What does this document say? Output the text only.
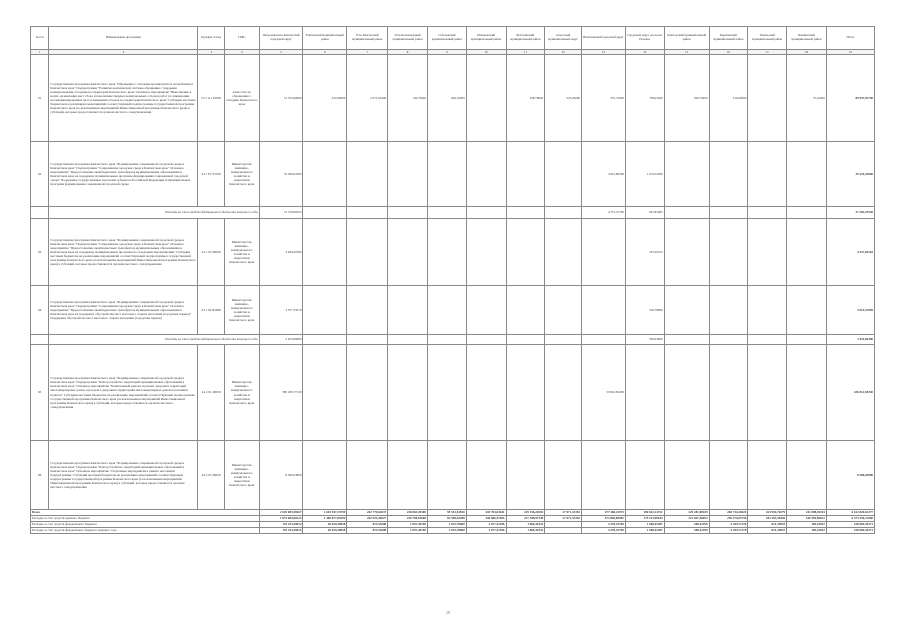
№ п/п	Наименование программы	Целевая статья	ГРБС	Петропавловск-Камчатский городской округ	Елизовский муниципальный район	Усть-Камчатский муниципальный район	Усть-Большерецкий муниципальный район	Соболевский муниципальный район	Мильковский муниципальный район	Быстринский муниципальный район	Алеутский муниципальный округ	Вилючинский городской округ	Городской округ «поселок Палана»	Олюторский муниципальный район	Карагинский муниципальный район	Тигильский муниципальный район	Пенжинский муниципальный район	Итого
1	2	3	4	5	6	7	8	9	10	11	12	13	14	15	16	17	18	19
61	Государственная программа Камчатского края "Обращение с отходами производства и потребления в Камчатском крае" Подпрограмма "Развитие комплексной системы обращения с твердыми коммунальными отходами на территории Камчатского края" Основное мероприятие "Выполнение в целях организации мест сбора и накопления твердых коммунальных отходов работ по ликвидации несанкционированных мест размещения отходов на территории Камчатского края" Субсидии местным бюджетам на реализацию мероприятий соответствующей подпрограммы государственной программы Камчатского края (за исключением мероприятий Инвестиционной программы Камчатского края) в субсидий, которые предоставляются органам местного самоуправления	23 1 G1 43030	Агентство по обращению с отходами Камчатского края	51 353,69600	452,00600	2 971,92400	136,70000	964,10000		458,78000	525,20000	337,74000	758,03300	929,79400	216,00000		57,22000	89 947,92750
62	Государственная программа Камчатского края "Формирование современной городской среды в Камчатском крае" Подпрограмма "Современная городская среда в Камчатском крае" Основное мероприятие "Предоставление межбюджетных трансфертов муниципальным образованиям в Камчатском крае на поддержку муниципальных программ формирования современной городской среды" Поддержка государственных программ субъектов Российской Федерации и муниципальных программ формирования современной городской среды	24 1 F2 55550	Министерство жилищно-коммунального хозяйства и энергетики Камчатского края	33 399,02300								4 910,86300	1 074,54300					39 224,43800
	Расходы за счет средств федерального бюджета текущего года			31 729,06225								4 575,27790	961,83485					37 265,25530
63	Государственная программа Камчатского края "Формирование современной городской среды в Камчатском крае" Подпрограмма "Современная городская среда в Камчатском крае" Основное мероприятие "Предоставление межбюджетных трансфертов муниципальным образованиям в Камчатском крае на поддержку муниципальных программ по отдельным мероприятиям" Субсидии местным бюджетам на реализацию мероприятий соответствующей подпрограммы государственной программы Камчатского края (за исключением мероприятий Инвестиционной программы Камчатского края) в субсидий, которые предоставляются органам местного самоуправления	24 1 02 40030	Министерство жилищно-коммунального хозяйства и энергетики Камчатского края	4 284,29784									253,26103					4 537,65263
64	Государственная программа Камчатского края "Формирование современной городской среды в Камчатском крае" Подпрограмма "Современная городская среда в Камчатском крае" Основное мероприятие "Предоставление межбюджетных трансфертов муниципальным образованиям в Камчатском крае на поддержку обустройства мест массового отдыха населения (городских парков)" Поддержка обустройства мест массового отдыха населения (городских парков)	24 1 02 R5600	Министерство жилищно-коммунального хозяйства и энергетики Камчатского края	3 077,33579									536,78806					3 614,23985
	Расходы за счет средств федерального бюджета текущего года			2 923,69080									509,94600					3 433,60300
65	Государственная программа Камчатского края "Формирование современной городской среды в Камчатском крае" Подпрограмма "Благоустройство территорий муниципальных образований в Камчатском крае" Основное мероприятие "Капитальный ремонт и ремонт дворовых территорий многоквартирных домов, проездов к дворовым территориям многоквартирных домов населенных пунктов" Субсидии местным бюджетам на реализацию мероприятий соответствующей подпрограммы государственной программы Камчатского края (за исключением мероприятий Инвестиционной программы Камчатского края) в субсидий, которые предоставляются органам местного самоуправления	24 2 01 40030	Министерство жилищно-коммунального хозяйства и энергетики Камчатского края	385 189,77130								50 822,81200						436 012,58330
66	Государственная программа Камчатского края "Формирование современной городской среды в Камчатском крае" Подпрограмма "Благоустройство территорий муниципальных образований в Камчатском крае" Основное мероприятие "Отдельные мероприятия в рамках настоящей подпрограммы" Субсидии местным бюджетам на реализацию мероприятий соответствующей подпрограммы государственной программы Камчатского края (за исключением мероприятий Инвестиционной программы Камчатского края) в субсидий, которые предоставляются органам местного самоуправления	24 2 05 40030	Министерство жилищно-коммунального хозяйства и энергетики Камчатского края	8 586,03800														8 586,03800
Всего				2 045 083,58207	1 610 947,25799	262 779,62637	238 665,49300	95 531,54920	445 763,63641	229 196,20281	27 071,33392	477 468,22973	180 822,14721	229 281,88109	260 734,24824	163 994,76279	241 088,81104	6 612 826,62377
Расходы за счет средств краевого бюджета				1 874 684,08123	1 480 877,85399	262 923,49627	236 768,81608	82 598,63288	440 686,31605	227 388,97249	27 071,33392	473 890,89081	179 213,98184	221 837,46693	256 275,03758	183 163,36440	240 559,89022	6 373 256,21006
Расходы за счет средств федерального бюджета				170 433,49014	46 029,38058	873,53608	1 897,46700	2 932,78680	3 677,32186	1 866,41032		4 578,33790	1 608,45487	288,41499	4 459,71178	821,39835	169,24032	238 669,30371
Расходы за счет средств федерального бюджета текущего года				170 433,49014	46 029,38058	873,53608	1 897,46700	2 932,78680	3 677,32186	1 866,41032		4 578,33790	1 608,45487	288,41499	4 459,71178	821,39835	169,24032	238 669,30371
19
